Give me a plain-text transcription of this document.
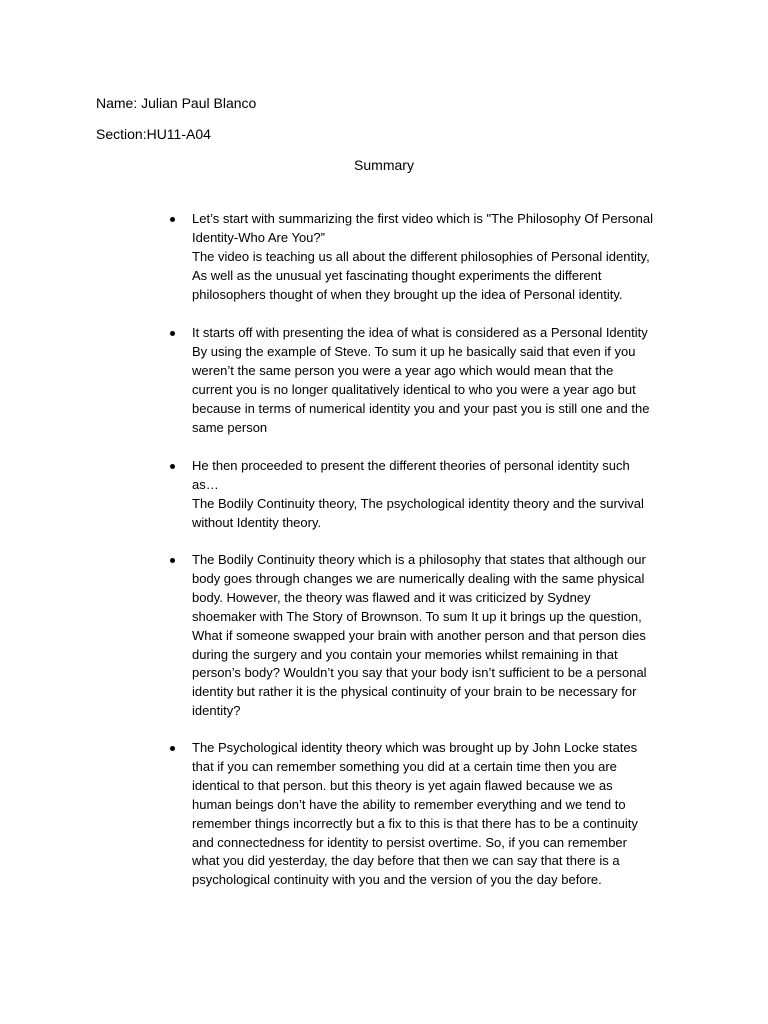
Name: Julian Paul Blanco
Section:HU11-A04
Summary

Let’s start with summarizing the first video which is "The Philosophy Of Personal
Identity-Who Are You?”
The video is teaching us all about the different philosophies of Personal identity,
As well as the unusual yet fascinating thought experiments the different
philosophers thought of when they brought up the idea of Personal identity.

It starts off with presenting the idea of what is considered as a Personal Identity
By using the example of Steve. To sum it up he basically said that even if you
weren’t the same person you were a year ago which would mean that the
current you is no longer qualitatively identical to who you were a year ago but
because in terms of numerical identity you and your past you is still one and the
same person

He then proceeded to present the different theories of personal identity such
as…
The Bodily Continuity theory, The psychological identity theory and the survival
without Identity theory.

The Bodily Continuity theory which is a philosophy that states that although our
body goes through changes we are numerically dealing with the same physical
body. However, the theory was flawed and it was criticized by Sydney
shoemaker with The Story of Brownson. To sum It up it brings up the question,
What if someone swapped your brain with another person and that person dies
during the surgery and you contain your memories whilst remaining in that
person’s body? Wouldn’t you say that your body isn’t sufficient to be a personal
identity but rather it is the physical continuity of your brain to be necessary for
identity?

The Psychological identity theory which was brought up by John Locke states
that if you can remember something you did at a certain time then you are
identical to that person. but this theory is yet again flawed because we as
human beings don’t have the ability to remember everything and we tend to
remember things incorrectly but a fix to this is that there has to be a continuity
and connectedness for identity to persist overtime. So, if you can remember
what you did yesterday, the day before that then we can say that there is a
psychological continuity with you and the version of you the day before.
